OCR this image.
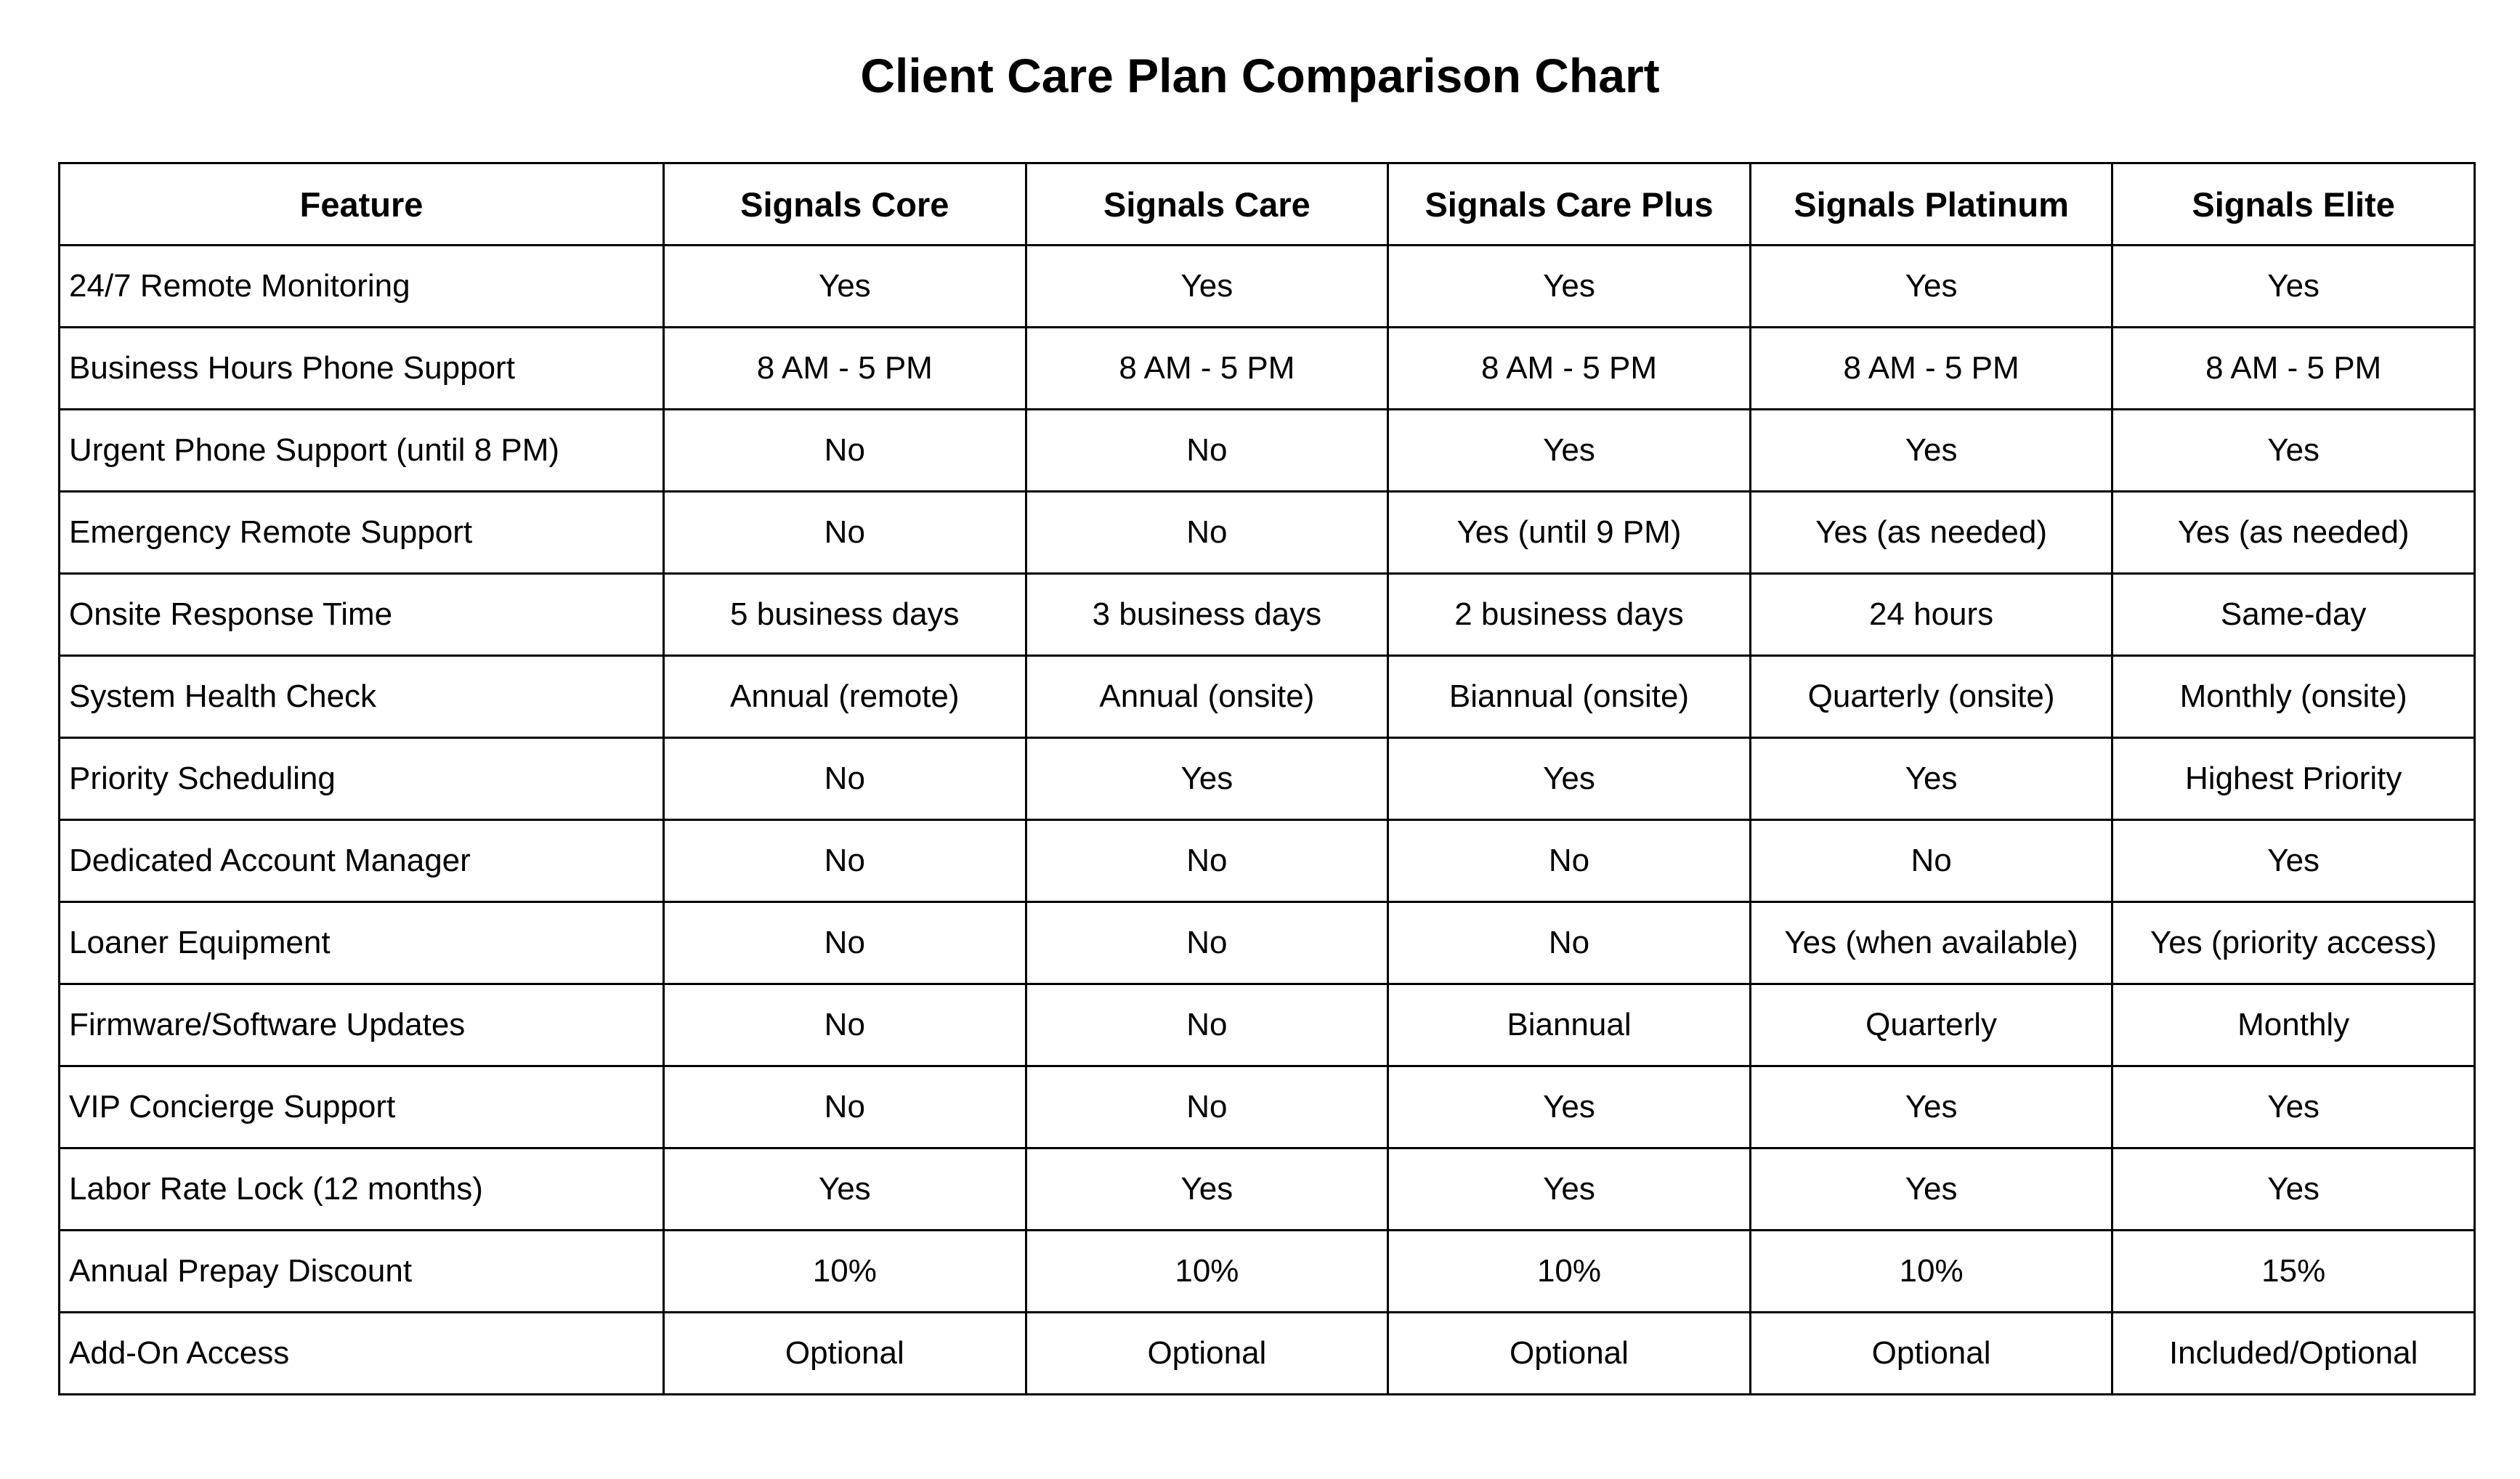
Client Care Plan Comparison Chart
Feature	Signals Core	Signals Care	Signals Care Plus	Signals Platinum	Signals Elite
24/7 Remote Monitoring	Yes	Yes	Yes	Yes	Yes
Business Hours Phone Support	8 AM - 5 PM	8 AM - 5 PM	8 AM - 5 PM	8 AM - 5 PM	8 AM - 5 PM
Urgent Phone Support (until 8 PM)	No	No	Yes	Yes	Yes
Emergency Remote Support	No	No	Yes (until 9 PM)	Yes (as needed)	Yes (as needed)
Onsite Response Time	5 business days	3 business days	2 business days	24 hours	Same-day
System Health Check	Annual (remote)	Annual (onsite)	Biannual (onsite)	Quarterly (onsite)	Monthly (onsite)
Priority Scheduling	No	Yes	Yes	Yes	Highest Priority
Dedicated Account Manager	No	No	No	No	Yes
Loaner Equipment	No	No	No	Yes (when available)	Yes (priority access)
Firmware/Software Updates	No	No	Biannual	Quarterly	Monthly
VIP Concierge Support	No	No	Yes	Yes	Yes
Labor Rate Lock (12 months)	Yes	Yes	Yes	Yes	Yes
Annual Prepay Discount	10%	10%	10%	10%	15%
Add-On Access	Optional	Optional	Optional	Optional	Included/Optional
